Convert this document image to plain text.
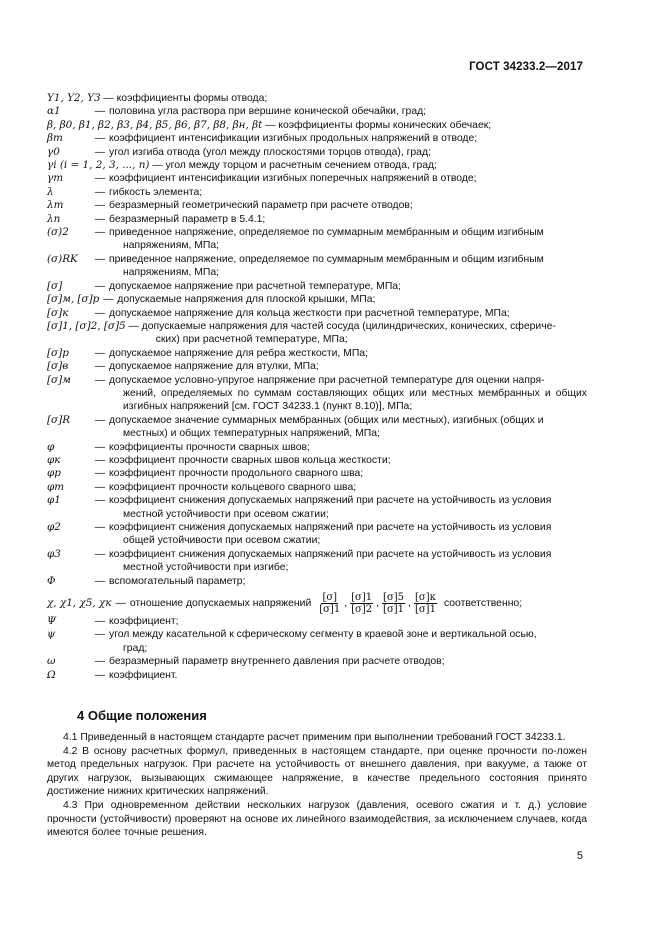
ГОСТ 34233.2—2017
Y1, Y2, Y3 — коэффициенты формы отвода;
α1	— половина угла раствора при вершине конической обечайки, град;
β, β0, β1, β2, β3, β4, β5, β6, β7, β8, βн, βt — коэффициенты формы конических обечаек;
βm	— коэффициент интенсификации изгибных продольных напряжений в отводе;
γ0	— угол изгиба отвода (угол между плоскостями торцов отвода), град;
γi (i = 1, 2, 3, ..., n) — угол между торцом и расчетным сечением отвода, град;
γm	— коэффициент интенсификации изгибных поперечных напряжений в отводе;
λ	— гибкость элемента;
λт	— безразмерный геометрический параметр при расчете отводов;
λп	— безразмерный параметр в 5.4.1;
(σ)2	— приведенное напряжение, определяемое по суммарным мембранным и общим изгибным
напряжениям, МПа;
(σ)RK	— приведенное напряжение, определяемое по суммарным мембранным и общим изгибным
напряжениям, МПа;
[σ]	— допускаемое напряжение при расчетной температуре, МПа;
[σ]м, [σ]р — допускаемые напряжения для плоской крышки, МПа;
[σ]к	— допускаемое напряжение для кольца жесткости при расчетной температуре, МПа;
[σ]1, [σ]2, [σ]5 — допускаемые напряжения для частей сосуда (цилиндрических, конических, сфериче-
ских) при расчетной температуре, МПа;
[σ]р	— допускаемое напряжение для ребра жесткости, МПа;
[σ]в	— допускаемое напряжение для втулки, МПа;
[σ]м	— допускаемое условно-упругое напряжение при расчетной температуре для оценки напря-
жений, определяемых по суммам составляющих общих или местных мембранных и общих изгибных напряжений [см. ГОСТ 34233.1 (пункт 8.10)], МПа;
[σ]R	— допускаемое значение суммарных мембранных (общих или местных), изгибных (общих и
местных) и общих температурных напряжений, МПа;
φ	— коэффициенты прочности сварных швов;
φк	— коэффициент прочности сварных швов кольца жесткости;
φр	— коэффициент прочности продольного сварного шва;
φт	— коэффициент прочности кольцевого сварного шва;
φ1	— коэффициент снижения допускаемых напряжений при расчете на устойчивость из условия
местной устойчивости при осевом сжатии;
φ2	— коэффициент снижения допускаемых напряжений при расчете на устойчивость из условия
общей устойчивости при осевом сжатии;
φ3	— коэффициент снижения допускаемых напряжений при расчете на устойчивость из условия
местной устойчивости при изгибе;
Φ	— вспомогательный параметр;
χ, χ1, χ5, χк — отношение допускаемых напряжений $\frac{[\sigma]}{[\sigma]1}$ , $\frac{[\sigma]1}{[\sigma]2}$ , $\frac{[\sigma]5}{[\sigma]1}$ , $\frac{[\sigma]к}{[\sigma]1}$ соответственно;
Ψ	— коэффициент;
ψ	— угол между касательной к сферическому сегменту в краевой зоне и вертикальной осью,
град;
ω	— безразмерный параметр внутреннего давления при расчете отводов;
Ω	— коэффициент.
4 Общие положения

4.1 Приведенный в настоящем стандарте расчет применим при выполнении требований ГОСТ 34233.1.

4.2 В основу расчетных формул, приведенных в настоящем стандарте, при оценке прочности по-ложен метод предельных нагрузок. При расчете на устойчивость от внешнего давления, при вакууме, а также от других нагрузок, вызывающих сжимающее напряжение, в качестве предельного состояния принято достижение нижних критических напряжений.

4.3 При одновременном действии нескольких нагрузок (давления, осевого сжатия и т. д.) условие прочности (устойчивости) проверяют на основе их линейного взаимодействия, за исключением случаев, когда имеются более точные решения.

5
